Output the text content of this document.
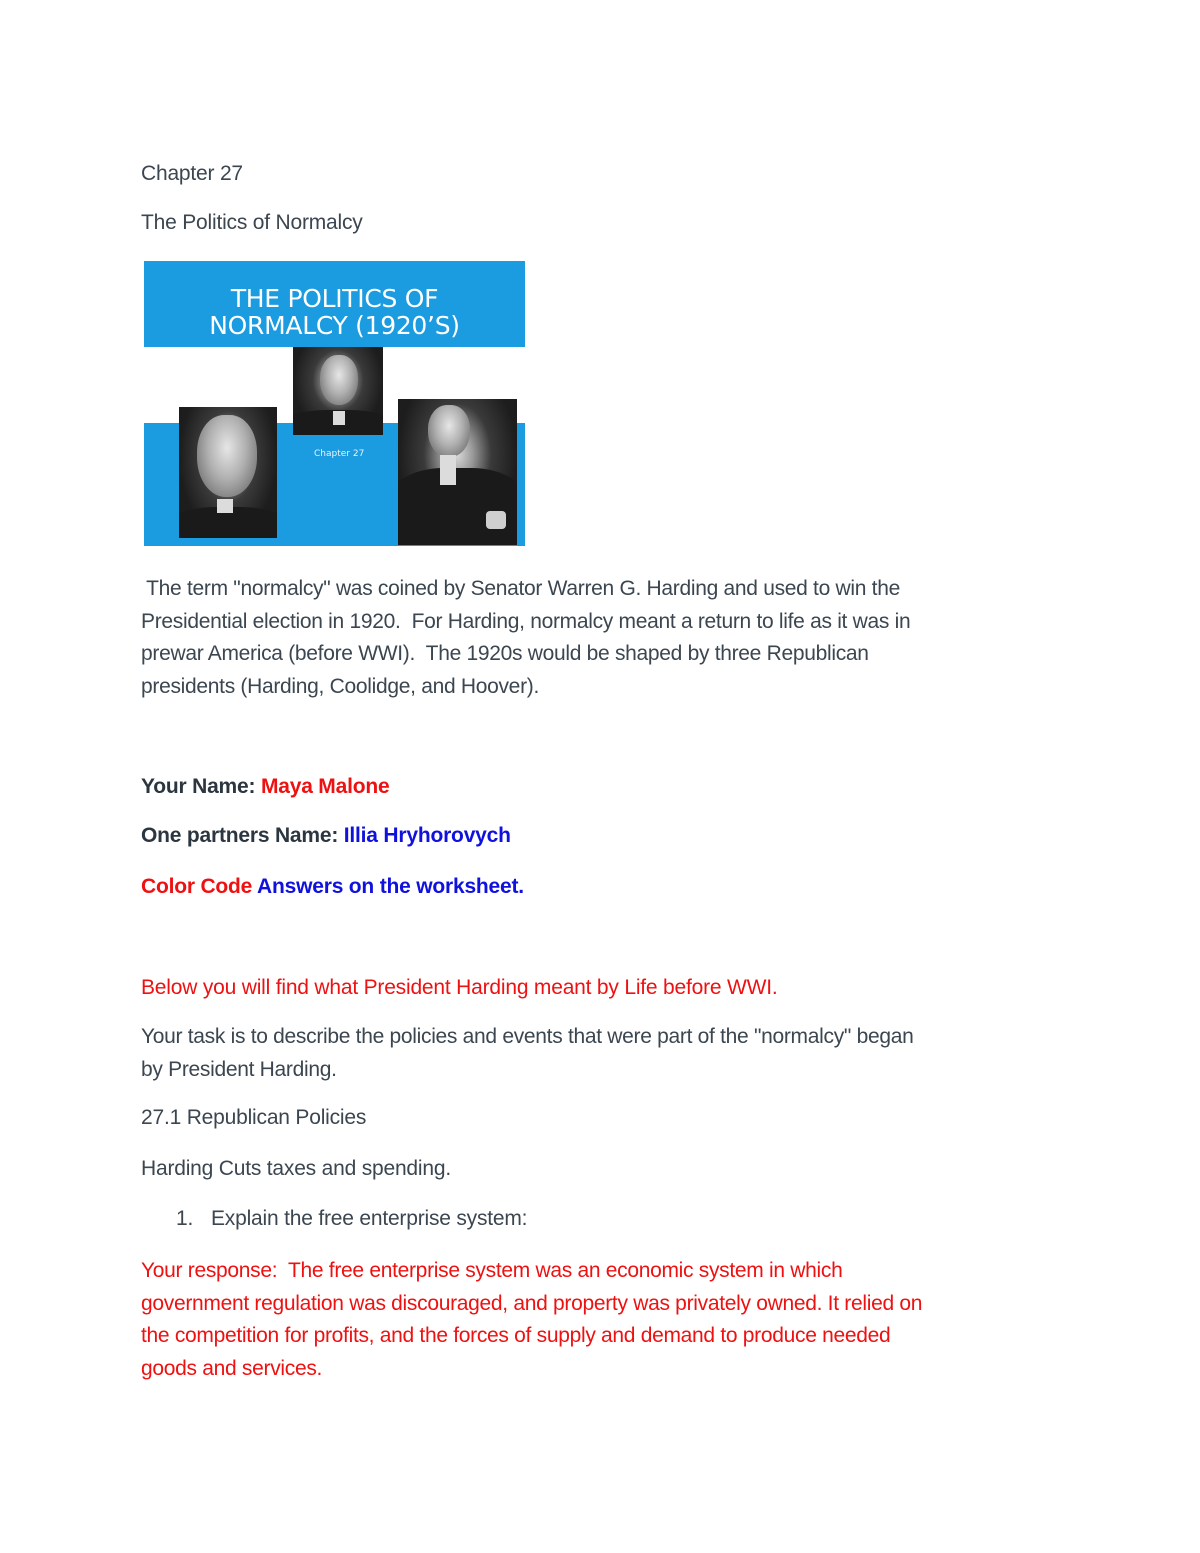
Chapter 27
The Politics of Normalcy
THE POLITICS OF
NORMALCY (1920’S)
Chapter 27

The term "normalcy" was coined by Senator Warren G. Harding and used to win the

Presidential election in 1920.  For Harding, normalcy meant a return to life as it was in

prewar America (before WWI).  The 1920s would be shaped by three Republican

presidents (Harding, Coolidge, and Hoover).

Your Name: Maya Malone
One partners Name: Illia Hryhorovych
Color Code Answers on the worksheet.
Below you will find what President Harding meant by Life before WWI.

Your task is to describe the policies and events that were part of the "normalcy" began

by President Harding.

27.1 Republican Policies
Harding Cuts taxes and spending.
1. Explain the free enterprise system:

Your response:  The free enterprise system was an economic system in which

government regulation was discouraged, and property was privately owned. It relied on

the competition for profits, and the forces of supply and demand to produce needed

goods and services.
